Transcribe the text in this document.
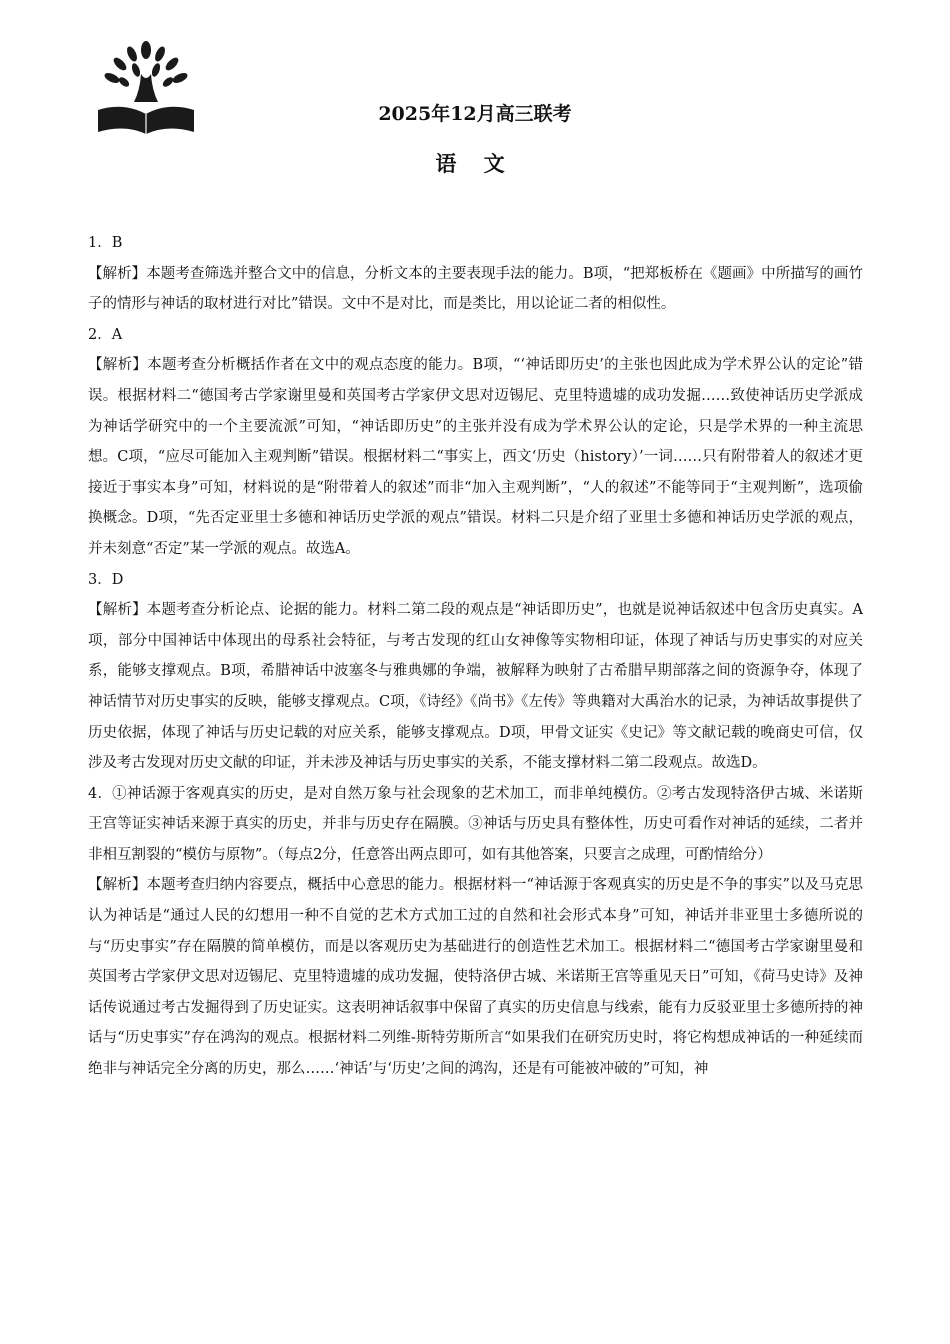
2025年12月高三联考
语 文

1．B

【解析】本题考查筛选并整合文中的信息，分析文本的主要表现手法的能力。B项，“把郑板桥在《题画》中所描写的画竹子的情形与神话的取材进行对比”错误。文中不是对比，而是类比，用以论证二者的相似性。

2．A

【解析】本题考查分析概括作者在文中的观点态度的能力。B项，“‘神话即历史’的主张也因此成为学术界公认的定论”错误。根据材料二“德国考古学家谢里曼和英国考古学家伊文思对迈锡尼、克里特遗墟的成功发掘……致使神话历史学派成为神话学研究中的一个主要流派”可知，“神话即历史”的主张并没有成为学术界公认的定论，只是学术界的一种主流思想。C项，“应尽可能加入主观判断”错误。根据材料二“事实上，西文‘历史（history）’一词……只有附带着人的叙述才更接近于事实本身”可知，材料说的是“附带着人的叙述”而非“加入主观判断”，“人的叙述”不能等同于“主观判断”，选项偷换概念。D项，“先否定亚里士多德和神话历史学派的观点”错误。材料二只是介绍了亚里士多德和神话历史学派的观点，并未刻意“否定”某一学派的观点。故选A。

3．D

【解析】本题考查分析论点、论据的能力。材料二第二段的观点是“神话即历史”，也就是说神话叙述中包含历史真实。A项，部分中国神话中体现出的母系社会特征，与考古发现的红山女神像等实物相印证，体现了神话与历史事实的对应关系，能够支撑观点。B项，希腊神话中波塞冬与雅典娜的争端，被解释为映射了古希腊早期部落之间的资源争夺，体现了神话情节对历史事实的反映，能够支撑观点。C项，《诗经》《尚书》《左传》等典籍对大禹治水的记录，为神话故事提供了历史依据，体现了神话与历史记载的对应关系，能够支撑观点。D项，甲骨文证实《史记》等文献记载的晚商史可信，仅涉及考古发现对历史文献的印证，并未涉及神话与历史事实的关系，不能支撑材料二第二段观点。故选D。

4．①神话源于客观真实的历史，是对自然万象与社会现象的艺术加工，而非单纯模仿。②考古发现特洛伊古城、米诺斯王宫等证实神话来源于真实的历史，并非与历史存在隔膜。③神话与历史具有整体性，历史可看作对神话的延续，二者并非相互割裂的“模仿与原物”。（每点2分，任意答出两点即可，如有其他答案，只要言之成理，可酌情给分）

【解析】本题考查归纳内容要点，概括中心意思的能力。根据材料一“神话源于客观真实的历史是不争的事实”以及马克思认为神话是“通过人民的幻想用一种不自觉的艺术方式加工过的自然和社会形式本身”可知，神话并非亚里士多德所说的与“历史事实”存在隔膜的简单模仿，而是以客观历史为基础进行的创造性艺术加工。根据材料二“德国考古学家谢里曼和英国考古学家伊文思对迈锡尼、克里特遗墟的成功发掘，使特洛伊古城、米诺斯王宫等重见天日”可知，《荷马史诗》及神话传说通过考古发掘得到了历史证实。这表明神话叙事中保留了真实的历史信息与线索，能有力反驳亚里士多德所持的神话与“历史事实”存在鸿沟的观点。根据材料二列维-斯特劳斯所言“如果我们在研究历史时，将它构想成神话的一种延续而绝非与神话完全分离的历史，那么……‘神话’与‘历史’之间的鸿沟，还是有可能被冲破的”可知，神
